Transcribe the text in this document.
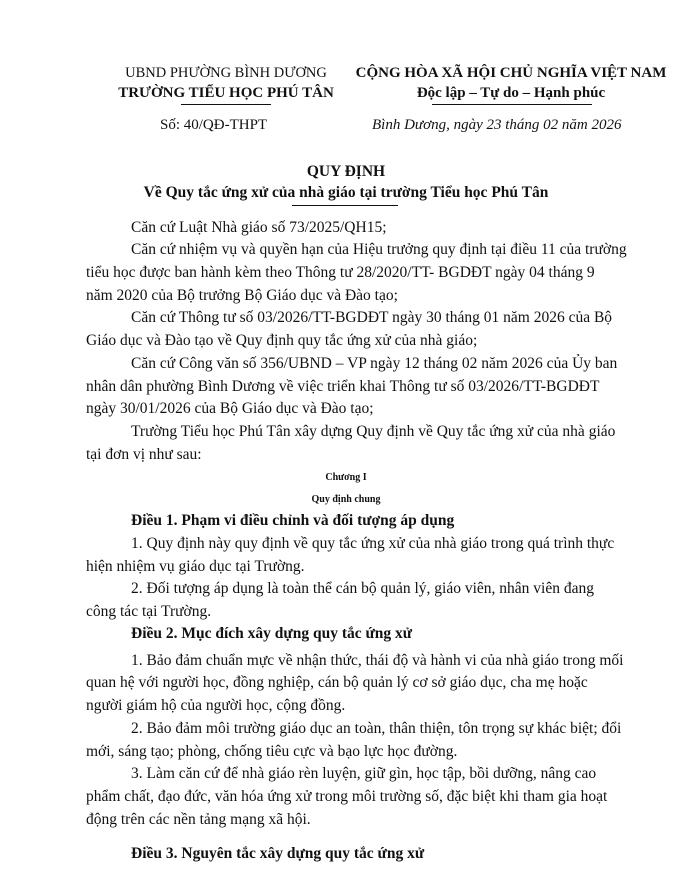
UBND PHƯỜNG BÌNH DƯƠNG
TRƯỜNG TIỂU HỌC PHÚ TÂN
CỘNG HÒA XÃ HỘI CHỦ NGHĨA VIỆT NAM
Độc lập – Tự do – Hạnh phúc
Số: 40/QĐ-THPT	Bình Dương, ngày 23 tháng 02 năm 2026
QUY ĐỊNH
Về Quy tắc ứng xử của nhà giáo tại trường Tiểu học Phú Tân
Căn cứ Luật Nhà giáo số 73/2025/QH15;
Căn cứ nhiệm vụ và quyền hạn của Hiệu trưởng quy định tại điều 11 của trường
tiểu học được ban hành kèm theo Thông tư 28/2020/TT- BGDĐT ngày 04 tháng 9
năm 2020 của Bộ trưởng Bộ Giáo dục và Đào tạo;
Căn cứ Thông tư số 03/2026/TT-BGDĐT ngày 30 tháng 01 năm 2026 của Bộ
Giáo dục và Đào tạo về Quy định quy tắc ứng xử của nhà giáo;
Căn cứ Công văn số 356/UBND – VP ngày 12 tháng 02 năm 2026 của Ủy ban
nhân dân phường Bình Dương về việc triển khai Thông tư số 03/2026/TT-BGDĐT
ngày 30/01/2026 của Bộ Giáo dục và Đào tạo;
Trường Tiểu học Phú Tân xây dựng Quy định về Quy tắc ứng xử của nhà giáo
tại đơn vị như sau:
Chương I
Quy định chung
Điều 1. Phạm vi điều chỉnh và đối tượng áp dụng
1. Quy định này quy định về quy tắc ứng xử của nhà giáo trong quá trình thực
hiện nhiệm vụ giáo dục tại Trường.
2. Đối tượng áp dụng là toàn thể cán bộ quản lý, giáo viên, nhân viên đang
công tác tại Trường.
Điều 2. Mục đích xây dựng quy tắc ứng xử
1. Bảo đảm chuẩn mực về nhận thức, thái độ và hành vi của nhà giáo trong mối
quan hệ với người học, đồng nghiệp, cán bộ quản lý cơ sở giáo dục, cha mẹ hoặc
người giám hộ của người học, cộng đồng.
2. Bảo đảm môi trường giáo dục an toàn, thân thiện, tôn trọng sự khác biệt; đổi
mới, sáng tạo; phòng, chống tiêu cực và bạo lực học đường.
3. Làm căn cứ để nhà giáo rèn luyện, giữ gìn, học tập, bồi dưỡng, nâng cao
phẩm chất, đạo đức, văn hóa ứng xử trong môi trường số, đặc biệt khi tham gia hoạt
động trên các nền tảng mạng xã hội.
Điều 3. Nguyên tắc xây dựng quy tắc ứng xử
